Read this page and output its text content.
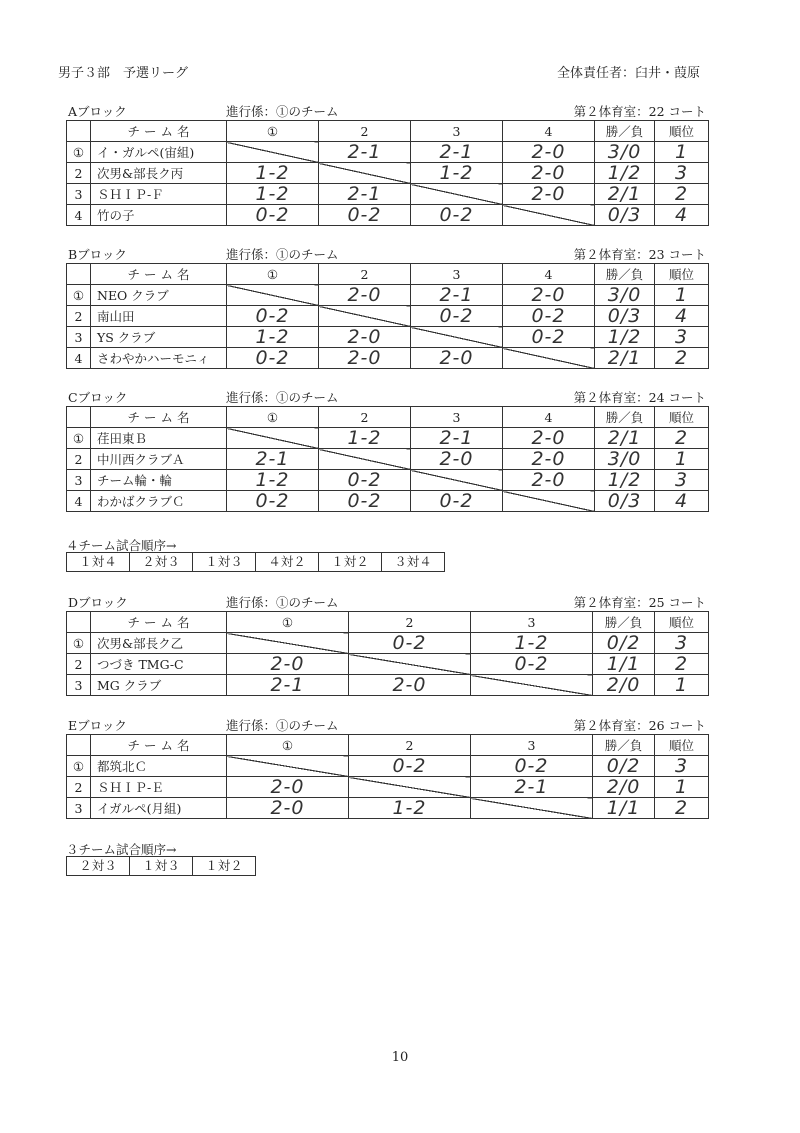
男子３部　予選リーグ	全体責任者：臼井・葭原
Aブロック	進行係：①のチーム	第２体育室：22 コート
	チ ー ム 名	①	2	3	4	勝／負	順位
①	イ・ガルペ(宙組)		2-1	2-1	2-0	3/0	1
2	次男&部長ク丙	1-2		1-2	2-0	1/2	3
3	ＳＨＩＰ-Ｆ	1-2	2-1		2-0	2/1	2
4	竹の子	0-2	0-2	0-2		0/3	4
Bブロック	進行係：①のチーム	第２体育室：23 コート
	チ ー ム 名	①	2	3	4	勝／負	順位
①	NEO クラブ		2-0	2-1	2-0	3/0	1
2	南山田	0-2		0-2	0-2	0/3	4
3	YS クラブ	1-2	2-0		0-2	1/2	3
4	さわやかハーモニィ	0-2	2-0	2-0		2/1	2
Cブロック	進行係：①のチーム	第２体育室：24 コート
	チ ー ム 名	①	2	3	4	勝／負	順位
①	荏田東Ｂ		1-2	2-1	2-0	2/1	2
2	中川西クラブＡ	2-1		2-0	2-0	3/0	1
3	チーム輪・輪	1-2	0-2		2-0	1/2	3
4	わかばクラブＣ	0-2	0-2	0-2		0/3	4
Dブロック	進行係：①のチーム	第２体育室：25 コート
	チ ー ム 名	①	2	3	勝／負	順位
①	次男&部長ク乙		0-2	1-2	0/2	3
2	つづき TMG-C	2-0		0-2	1/1	2
3	MG クラブ	2-1	2-0		2/0	1
Eブロック	進行係：①のチーム	第２体育室：26 コート
	チ ー ム 名	①	2	3	勝／負	順位
①	都筑北Ｃ		0-2	0-2	0/2	3
2	ＳＨＩＰ-Ｅ	2-0		2-1	2/0	1
3	イガルペ(月組)	2-0	1-2		1/1	2
４チーム試合順序→
１対４	２対３	１対３	４対２	１対２	３対４
３チーム試合順序→
２対３	１対３	１対２
10
